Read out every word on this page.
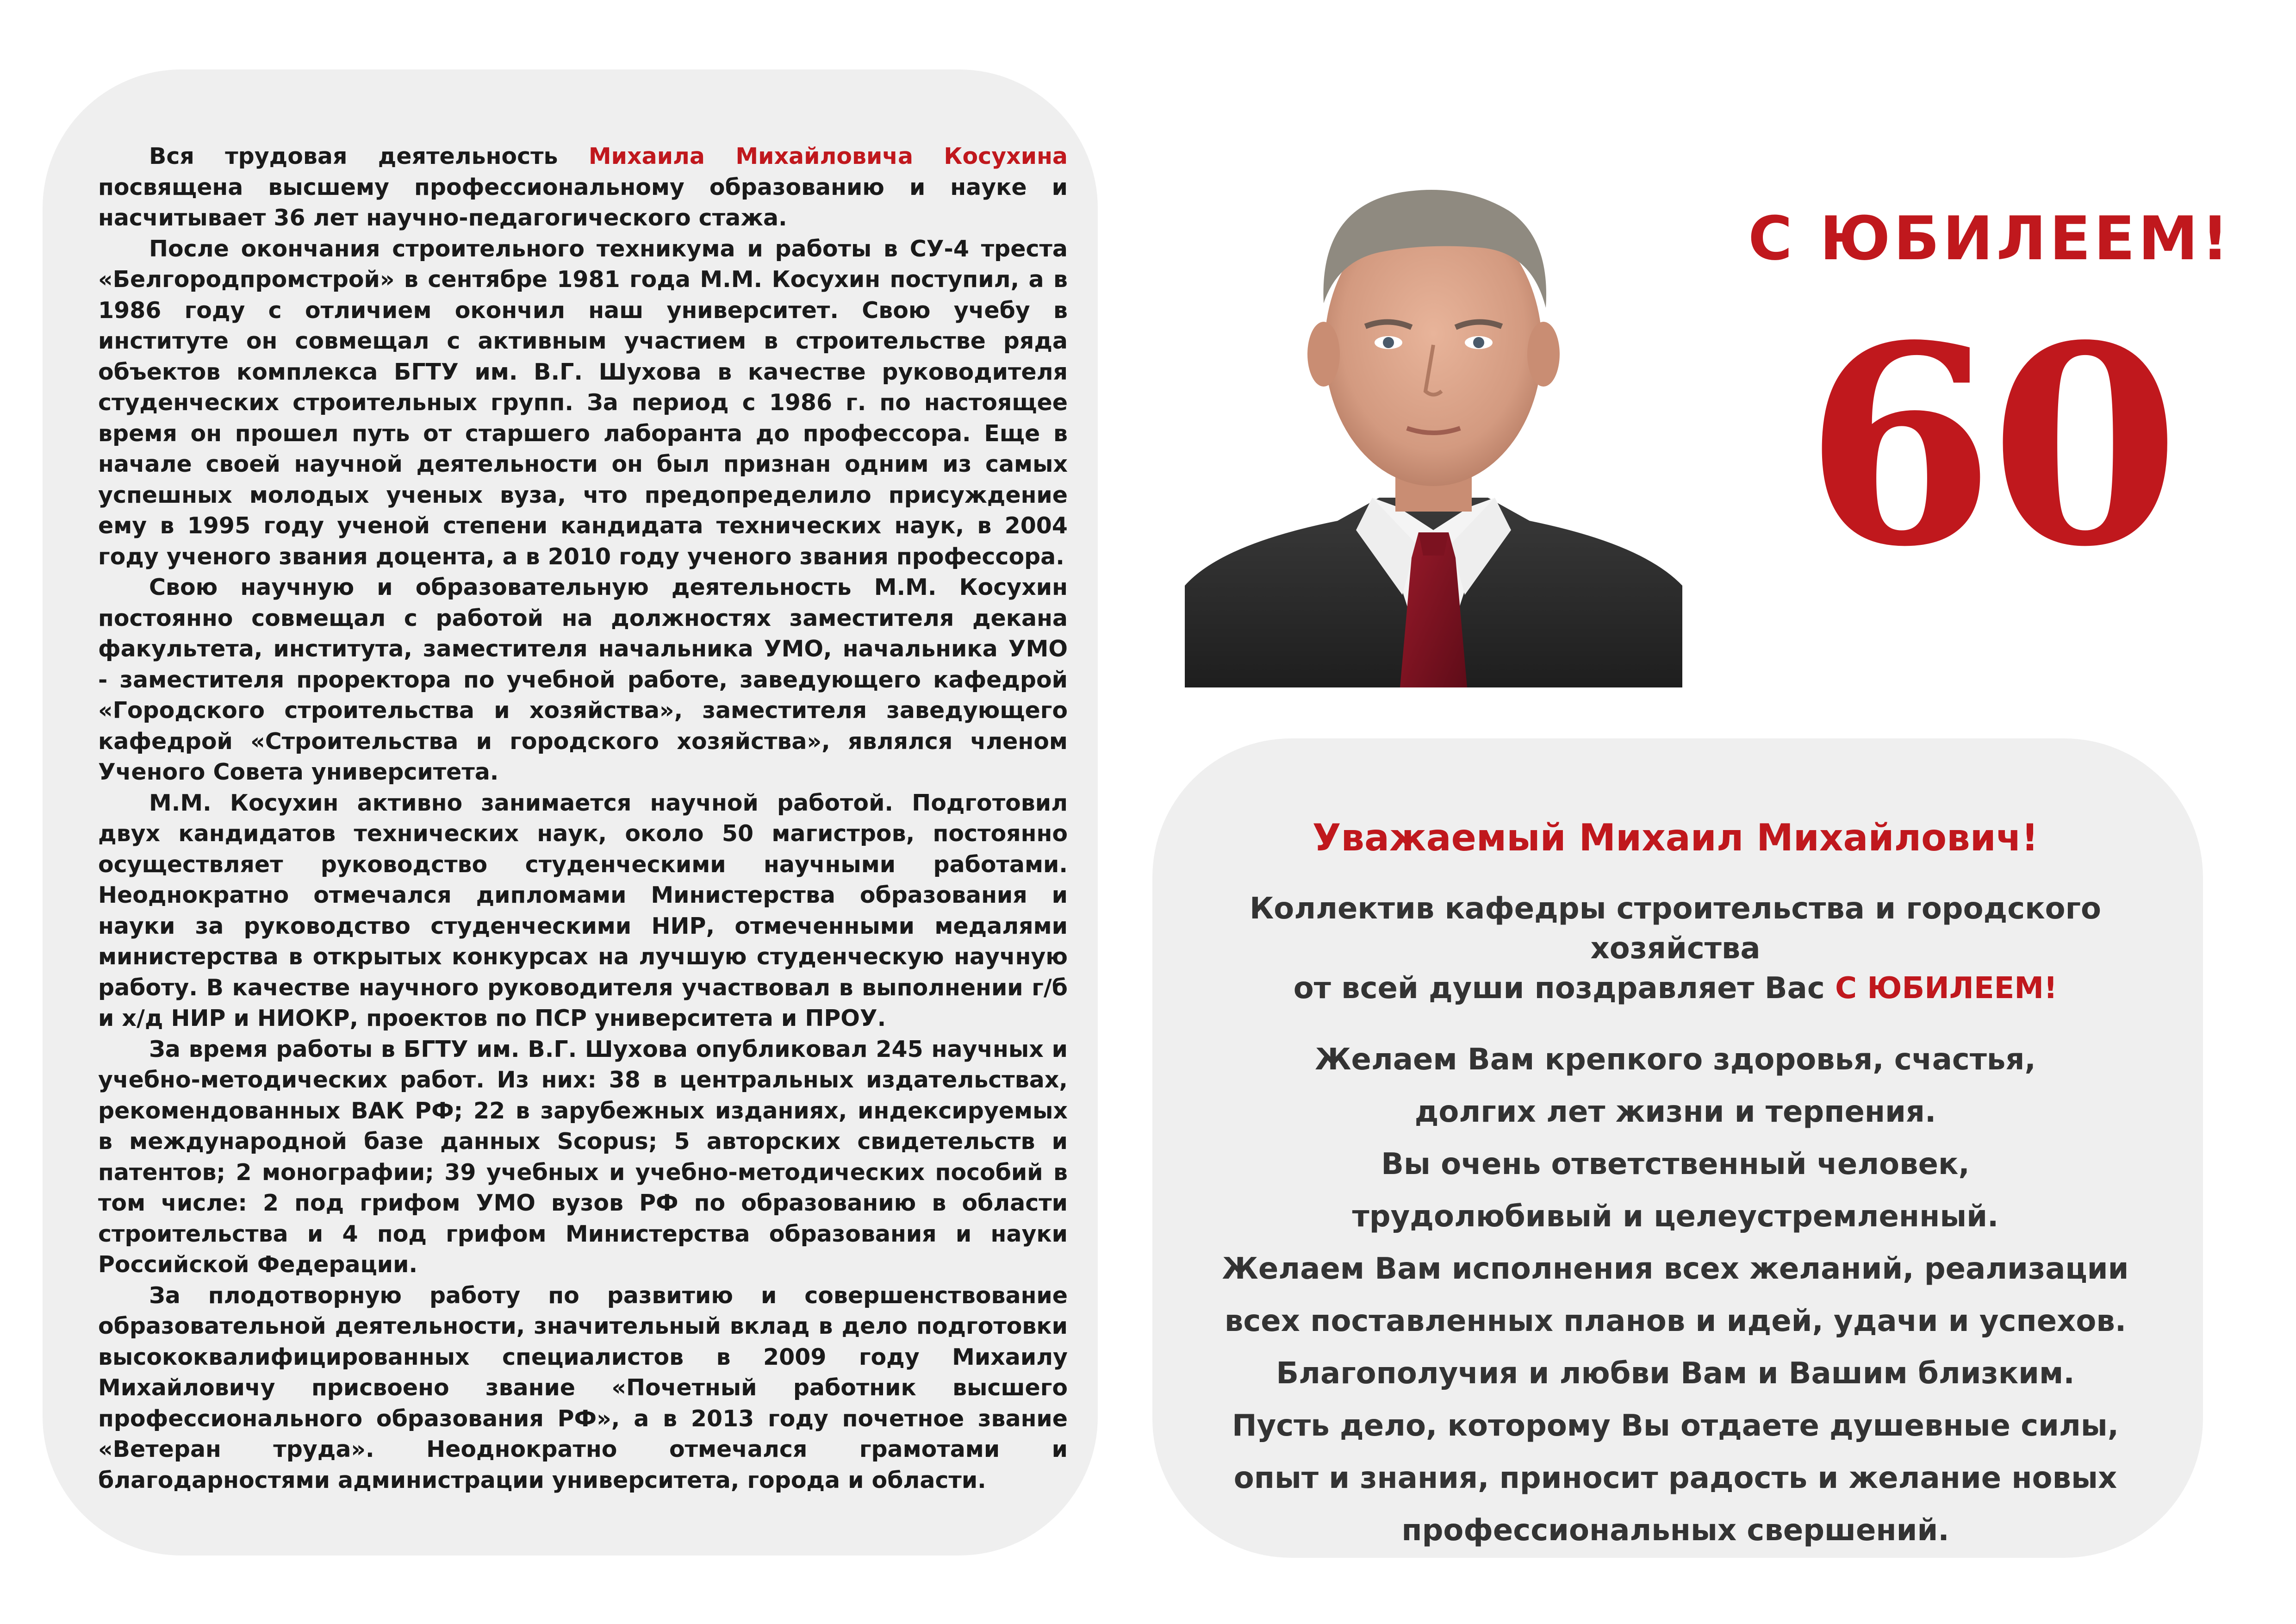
Вся трудовая деятельность Михаила Михайловича Косухина посвящена высшему профессиональному образованию и науке и насчитывает 36 лет научно-педагогического стажа.

После окончания строительного техникума и работы в СУ-4 треста «Белгородпромстрой» в сентябре 1981 года М.М. Косухин поступил, а в 1986 году с отличием окончил наш университет. Свою учебу в институте он совмещал с активным участием в строительстве ряда объектов комплекса БГТУ им. В.Г. Шухова в качестве руководителя студенческих строительных групп. За период с 1986 г. по настоящее время он прошел путь от старшего лаборанта до профессора. Еще в начале своей научной деятельности он был признан одним из самых успешных молодых ученых вуза, что предопределило присуждение ему в 1995 году ученой степени кандидата технических наук, в 2004 году ученого звания доцента, а в 2010 году ученого звания профессора.

Свою научную и образовательную деятельность М.М. Косухин постоянно совмещал с работой на должностях заместителя декана факультета, института, заместителя начальника УМО, начальника УМО - заместителя проректора по учебной работе, заведующего кафедрой «Городского строительства и хозяйства», заместителя заведующего кафедрой «Строительства и городского хозяйства», являлся членом Ученого Совета университета.

М.М. Косухин активно занимается научной работой. Подготовил двух кандидатов технических наук, около 50 магистров, постоянно осуществляет руководство студенческими научными работами. Неоднократно отмечался дипломами Министерства образования и науки за руководство студенческими НИР, отмеченными медалями министерства в открытых конкурсах на лучшую студенческую научную работу. В качестве научного руководителя участвовал в выполнении г/б и х/д НИР и НИОКР, проектов по ПСР университета и ПРОУ.

За время работы в БГТУ им. В.Г. Шухова опубликовал 245 научных и учебно-методических работ. Из них: 38 в центральных издательствах, рекомендованных ВАК РФ; 22 в зарубежных изданиях, индексируемых в международной базе данных Scopus; 5 авторских свидетельств и патентов; 2 монографии; 39 учебных и учебно-методических пособий в том числе: 2 под грифом УМО вузов РФ по образованию в области строительства и 4 под грифом Министерства образования и науки Российской Федерации.

За плодотворную работу по развитию и совершенствование образовательной деятельности, значительный вклад в дело подготовки высококвалифицированных специалистов в 2009 году Михаилу Михайловичу присвоено звание «Почетный работник высшего профессионального образования РФ», а в 2013 году почетное звание «Ветеран труда». Неоднократно отмечался грамотами и благодарностями администрации университета, города и области.

С ЮБИЛЕЕМ!
60
Уважаемый Михаил Михайлович!
Коллектив кафедры строительства и городского хозяйства
от всей души поздравляет Вас С ЮБИЛЕЕМ!
Желаем Вам крепкого здоровья, счастья,
долгих лет жизни и терпения.
Вы очень ответственный человек,
трудолюбивый и целеустремленный.
Желаем Вам исполнения всех желаний, реализации
всех поставленных планов и идей, удачи и успехов.
Благополучия и любви Вам и Вашим близким.
Пусть дело, которому Вы отдаете душевные силы,
опыт и знания, приносит радость и желание новых
профессиональных свершений.
